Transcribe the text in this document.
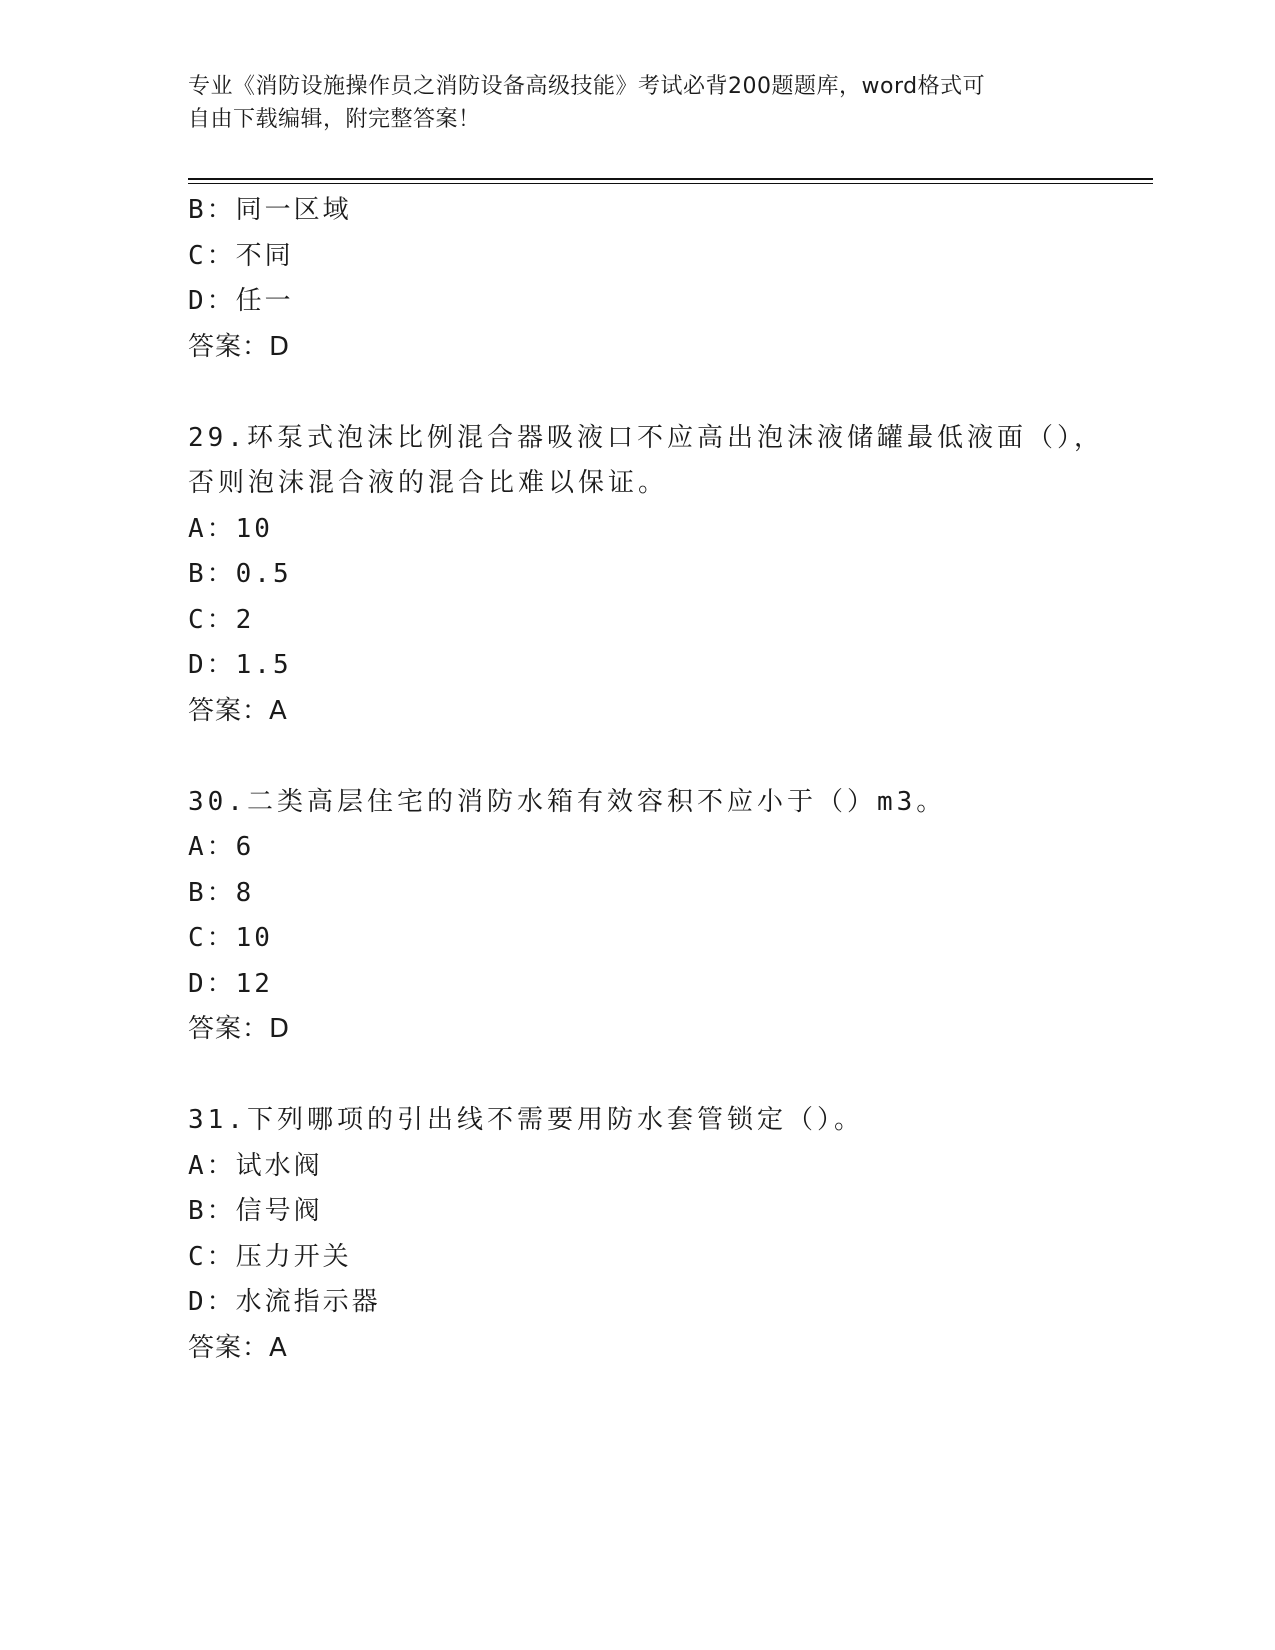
专业《消防设施操作员之消防设备高级技能》考试必背200题题库，word格式可
自由下载编辑，附完整答案！
B：同一区域
C：不同
D：任一
答案：D
29.环泵式泡沫比例混合器吸液口不应高出泡沫液储罐最低液面（），
否则泡沫混合液的混合比难以保证。
A：10
B：0.5
C：2
D：1.5
答案：A
30.二类高层住宅的消防水箱有效容积不应小于（）m3。
A：6
B：8
C：10
D：12
答案：D
31.下列哪项的引出线不需要用防水套管锁定（）。
A：试水阀
B：信号阀
C：压力开关
D：水流指示器
答案：A
